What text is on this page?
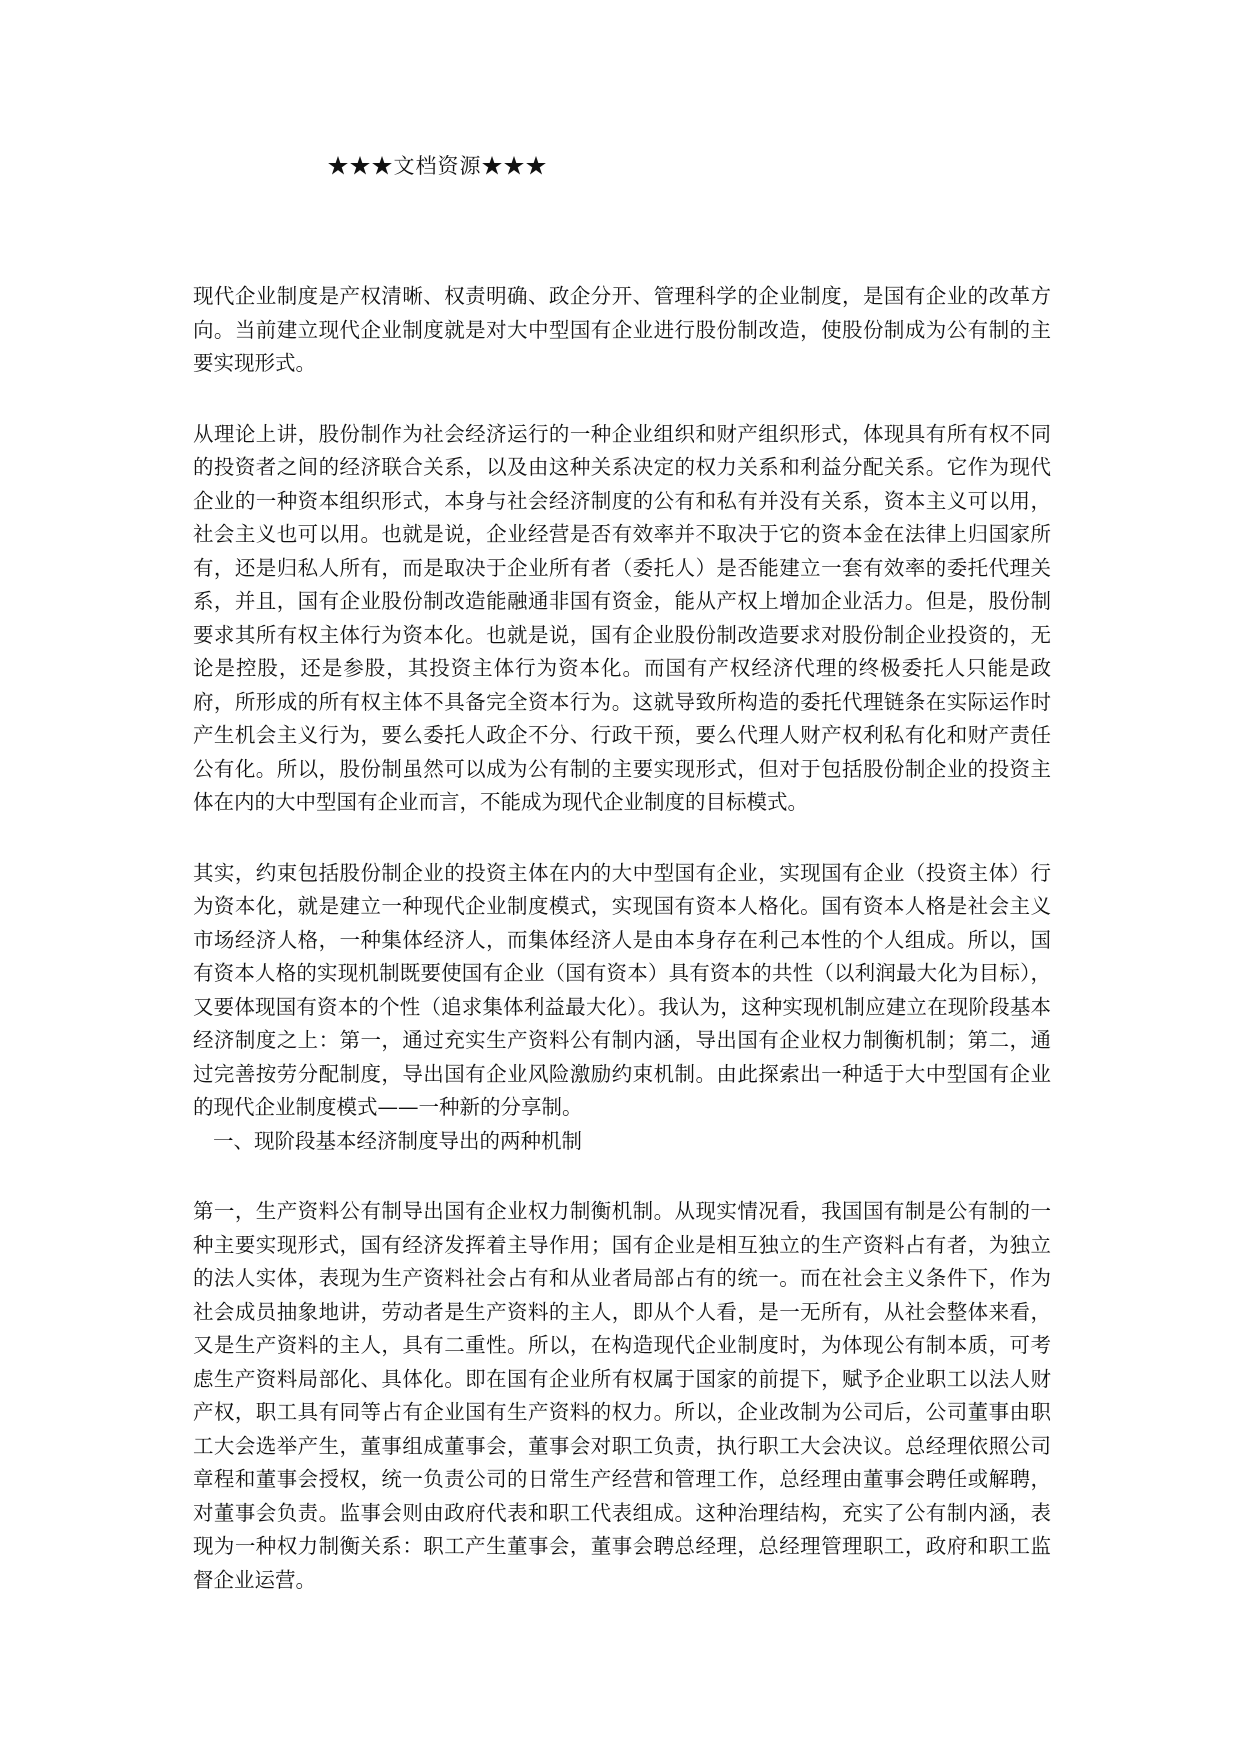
★★★文档资源★★★

现代企业制度是产权清晰、权责明确、政企分开、管理科学的企业制度，是国有企业的改革方向。当前建立现代企业制度就是对大中型国有企业进行股份制改造，使股份制成为公有制的主要实现形式。

从理论上讲，股份制作为社会经济运行的一种企业组织和财产组织形式，体现具有所有权不同的投资者之间的经济联合关系，以及由这种关系决定的权力关系和利益分配关系。它作为现代企业的一种资本组织形式，本身与社会经济制度的公有和私有并没有关系，资本主义可以用，社会主义也可以用。也就是说，企业经营是否有效率并不取决于它的资本金在法律上归国家所有，还是归私人所有，而是取决于企业所有者（委托人）是否能建立一套有效率的委托代理关系，并且，国有企业股份制改造能融通非国有资金，能从产权上增加企业活力。但是，股份制要求其所有权主体行为资本化。也就是说，国有企业股份制改造要求对股份制企业投资的，无论是控股，还是参股，其投资主体行为资本化。而国有产权经济代理的终极委托人只能是政府，所形成的所有权主体不具备完全资本行为。这就导致所构造的委托代理链条在实际运作时产生机会主义行为，要么委托人政企不分、行政干预，要么代理人财产权利私有化和财产责任公有化。所以，股份制虽然可以成为公有制的主要实现形式，但对于包括股份制企业的投资主体在内的大中型国有企业而言，不能成为现代企业制度的目标模式。

其实，约束包括股份制企业的投资主体在内的大中型国有企业，实现国有企业（投资主体）行为资本化，就是建立一种现代企业制度模式，实现国有资本人格化。国有资本人格是社会主义市场经济人格，一种集体经济人，而集体经济人是由本身存在利己本性的个人组成。所以，国有资本人格的实现机制既要使国有企业（国有资本）具有资本的共性（以利润最大化为目标），又要体现国有资本的个性（追求集体利益最大化）。我认为，这种实现机制应建立在现阶段基本经济制度之上：第一，通过充实生产资料公有制内涵，导出国有企业权力制衡机制；第二，通过完善按劳分配制度，导出国有企业风险激励约束机制。由此探索出一种适于大中型国有企业的现代企业制度模式——一种新的分享制。

一、现阶段基本经济制度导出的两种机制

第一，生产资料公有制导出国有企业权力制衡机制。从现实情况看，我国国有制是公有制的一种主要实现形式，国有经济发挥着主导作用；国有企业是相互独立的生产资料占有者，为独立的法人实体，表现为生产资料社会占有和从业者局部占有的统一。而在社会主义条件下，作为社会成员抽象地讲，劳动者是生产资料的主人，即从个人看，是一无所有，从社会整体来看，又是生产资料的主人，具有二重性。所以，在构造现代企业制度时，为体现公有制本质，可考虑生产资料局部化、具体化。即在国有企业所有权属于国家的前提下，赋予企业职工以法人财产权，职工具有同等占有企业国有生产资料的权力。所以，企业改制为公司后，公司董事由职工大会选举产生，董事组成董事会，董事会对职工负责，执行职工大会决议。总经理依照公司章程和董事会授权，统一负责公司的日常生产经营和管理工作，总经理由董事会聘任或解聘，对董事会负责。监事会则由政府代表和职工代表组成。这种治理结构，充实了公有制内涵，表现为一种权力制衡关系：职工产生董事会，董事会聘总经理，总经理管理职工，政府和职工监督企业运营。
